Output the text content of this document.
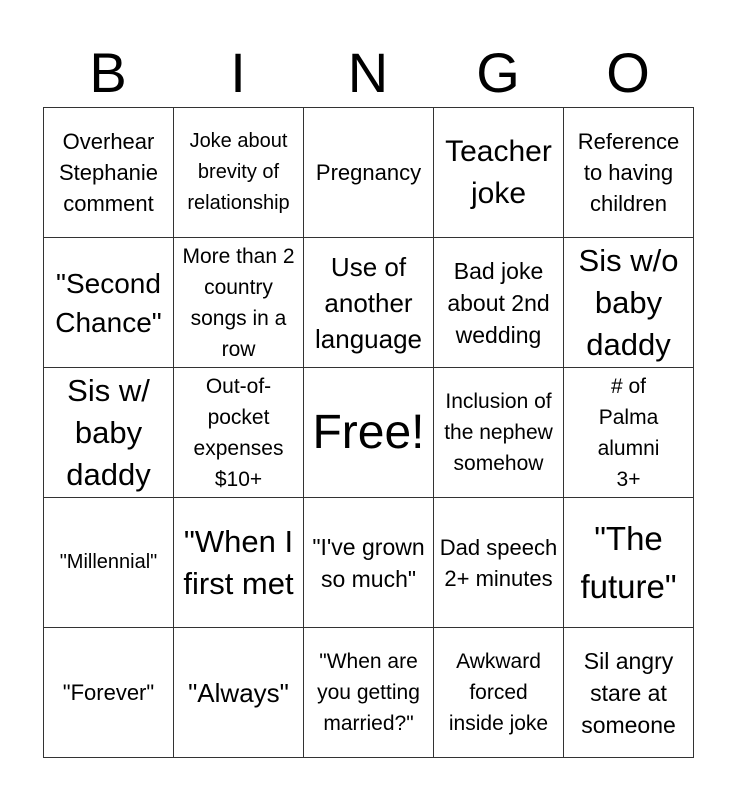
B	I	N	G	O
Overhear Stephanie comment
Joke about brevity of relationship
Pregnancy
Teacher joke
Reference to having children
"Second Chance"
More than 2 country songs in a row
Use of another language
Bad joke about 2nd wedding
Sis w/o baby daddy
Sis w/ baby daddy
Out-of-pocket expenses $10+
Free!
Inclusion of the nephew somehow
# of Palma alumni 3+
"Millennial"
"When I first met
"I've grown so much"
Dad speech 2+ minutes
"The future"
"Forever" "Always"
"When are you getting married?"
Awkward forced inside joke
Sil angry stare at someone
